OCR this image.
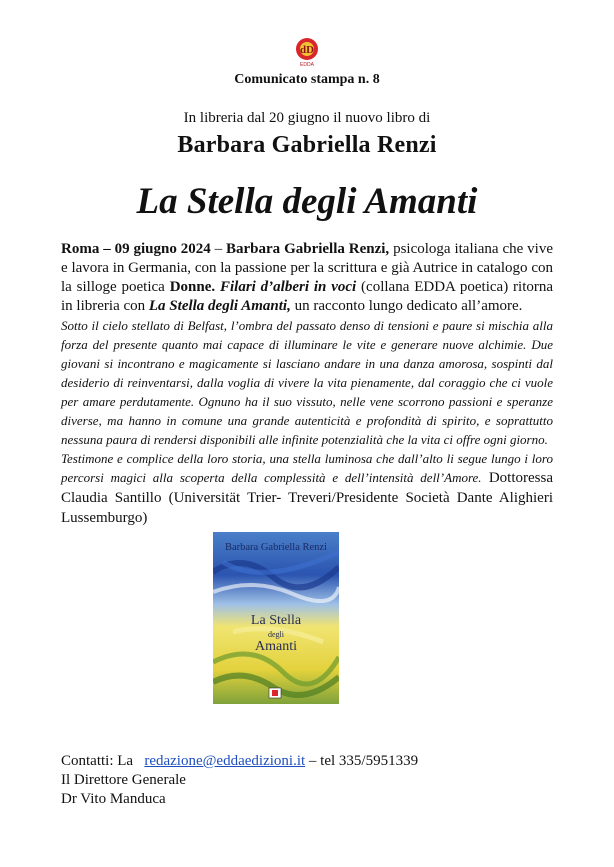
dD
EDDA
Comunicato stampa n. 8
In libreria dal 20 giugno il nuovo libro di
Barbara Gabriella Renzi
La Stella degli Amanti

Roma – 09 giugno 2024 – Barbara Gabriella Renzi, psicologa italiana che vive e lavora in Germania, con la passione per la scrittura e già Autrice in catalogo con la silloge poetica Donne. Filari d’alberi in voci (collana EDDA poetica) ritorna in libreria con La Stella degli Amanti, un racconto lungo dedicato all’amore.

Sotto il cielo stellato di Belfast, l’ombra del passato denso di tensioni e paure si mischia alla forza del presente quanto mai capace di illuminare le vite e generare nuove alchimie. Due giovani si incontrano e magicamente si lasciano andare in una danza amorosa, sospinti dal desiderio di reinventarsi, dalla voglia di vivere la vita pienamente, dal coraggio che ci vuole per amare perdutamente. Ognuno ha il suo vissuto, nelle vene scorrono passioni e speranze diverse, ma hanno in comune una grande autenticità e profondità di spirito, e soprattutto nessuna paura di rendersi disponibili alle infinite potenzialità che la vita ci offre ogni giorno.

Testimone e complice della loro storia, una stella luminosa che dall’alto li segue lungo i loro percorsi magici alla scoperta della complessità e dell’intensità dell’Amore. Dottoressa Claudia Santillo (Universität Trier- Treveri/Presidente Società Dante Alighieri Lussemburgo)

Barbara Gabriella Renzi
La Stella
degli
Amanti
Contatti: La redazione@eddaedizioni.it – tel 335/5951339
Il Direttore Generale
Dr Vito Manduca
